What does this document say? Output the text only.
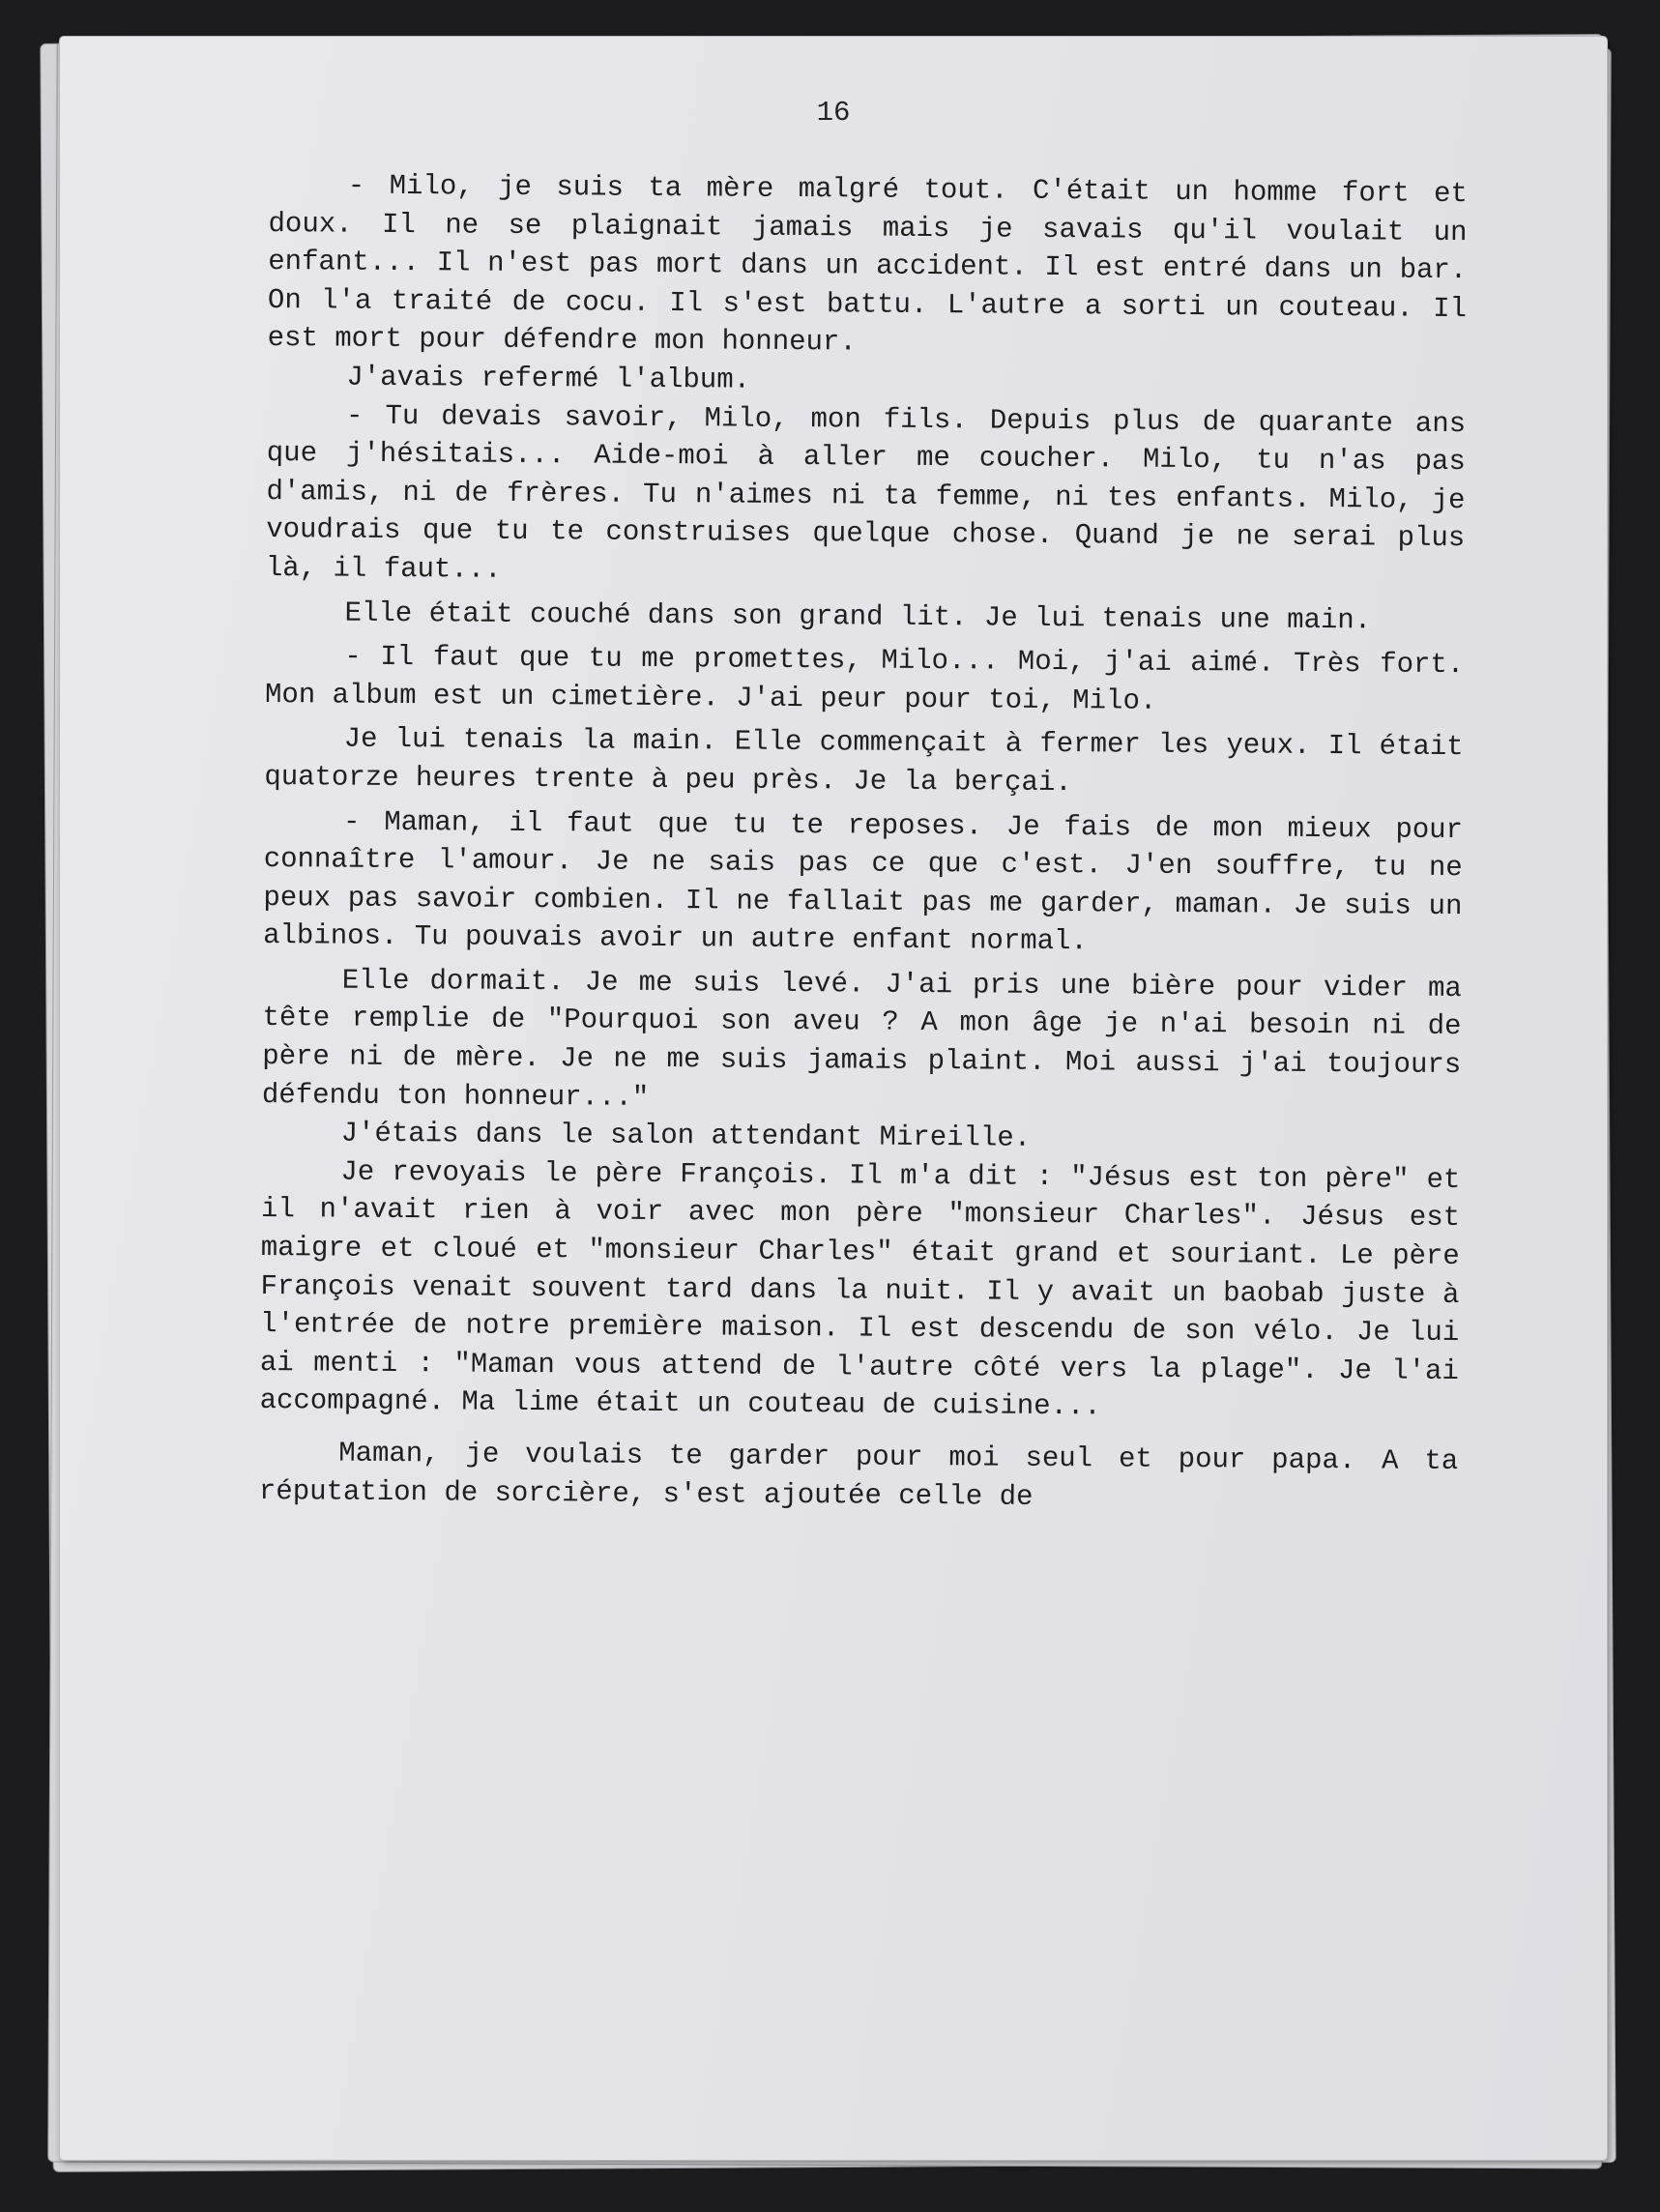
16

- Milo, je suis ta mère malgré tout. C'était un homme fort et doux. Il ne se plaignait jamais mais je savais qu'il voulait un enfant... Il n'est pas mort dans un accident. Il est entré dans un bar. On l'a traité de cocu. Il s'est battu. L'autre a sorti un couteau. Il est mort pour défendre mon honneur.

J'avais refermé l'album.

- Tu devais savoir, Milo, mon fils. Depuis plus de quarante ans que j'hésitais... Aide-moi à aller me coucher. Milo, tu n'as pas d'amis, ni de frères. Tu n'aimes ni ta femme, ni tes enfants. Milo, je voudrais que tu te construises quelque chose. Quand je ne serai plus là, il faut...

Elle était couché dans son grand lit. Je lui tenais une main.

- Il faut que tu me promettes, Milo... Moi, j'ai aimé. Très fort. Mon album est un cimetière. J'ai peur pour toi, Milo.

Je lui tenais la main. Elle commençait à fermer les yeux. Il était quatorze heures trente à peu près. Je la berçai.

- Maman, il faut que tu te reposes. Je fais de mon mieux pour connaître l'amour. Je ne sais pas ce que c'est. J'en souffre, tu ne peux pas savoir combien. Il ne fallait pas me garder, maman. Je suis un albinos. Tu pouvais avoir un autre enfant normal.

Elle dormait. Je me suis levé. J'ai pris une bière pour vider ma tête remplie de "Pourquoi son aveu ? A mon âge je n'ai besoin ni de père ni de mère. Je ne me suis jamais plaint. Moi aussi j'ai toujours défendu ton honneur..."

J'étais dans le salon attendant Mireille.

Je revoyais le père François. Il m'a dit : "Jésus est ton père" et il n'avait rien à voir avec mon père "monsieur Charles". Jésus est maigre et cloué et "monsieur Charles" était grand et souriant. Le père François venait souvent tard dans la nuit. Il y avait un baobab juste à l'entrée de notre première maison. Il est descendu de son vélo. Je lui ai menti : "Maman vous attend de l'autre côté vers la plage". Je l'ai accompagné. Ma lime était un couteau de cuisine...

Maman, je voulais te garder pour moi seul et pour papa. A ta réputation de sorcière, s'est ajoutée celle de
